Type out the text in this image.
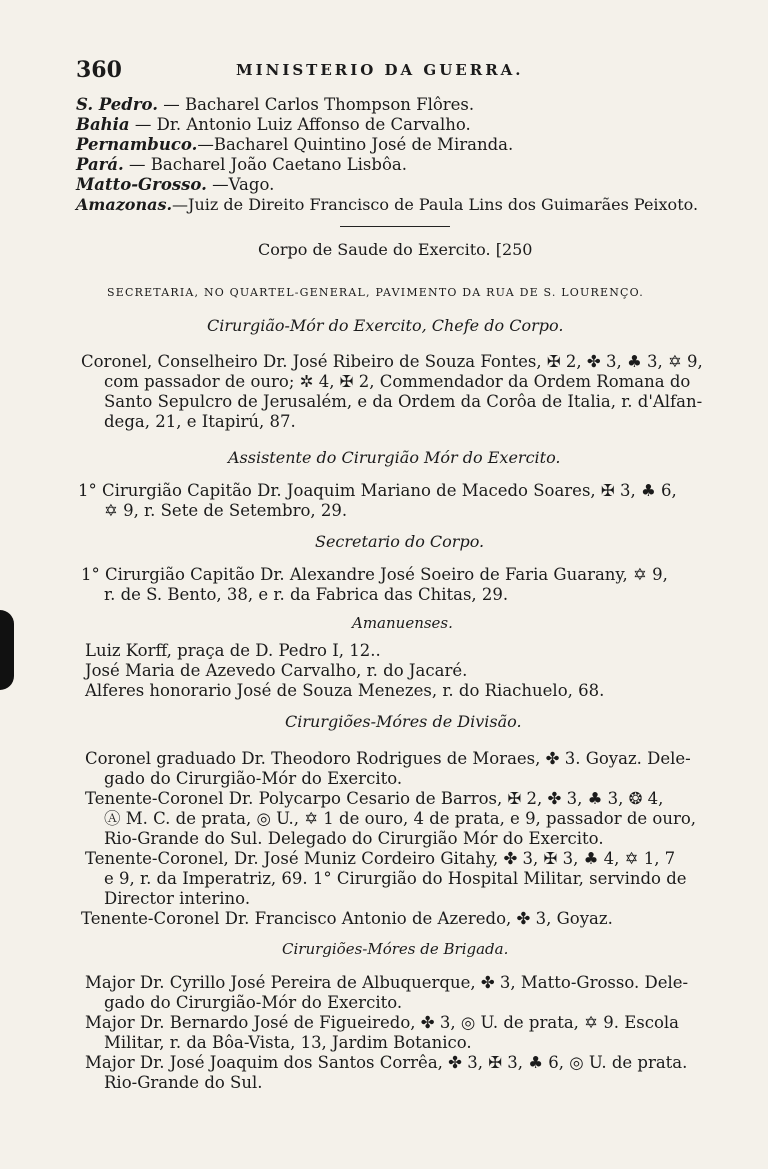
360	MINISTERIO DA GUERRA.
S. Pedro. — Bacharel Carlos Thompson Flôres.
Bahia — Dr. Antonio Luiz Affonso de Carvalho.
Pernambuco.—Bacharel Quintino José de Miranda.
Pará. — Bacharel João Caetano Lisbôa.
Matto-Grosso. —Vago.
Amazonas.—Juiz de Direito Francisco de Paula Lins dos Guimarães Peixoto.
Corpo de Saude do Exercito. [250
SECRETARIA, NO QUARTEL-GENERAL, PAVIMENTO DA RUA DE S. LOURENÇO.
Cirurgião-Mór do Exercito, Chefe do Corpo.
Coronel, Conselheiro Dr. José Ribeiro de Souza Fontes, ✠ 2, ✤ 3, ♣ 3, ✡ 9,
com passador de ouro; ✲ 4, ✠ 2, Commendador da Ordem Romana do
Santo Sepulcro de Jerusalém, e da Ordem da Corôa de Italia, r. d'Alfan-
dega, 21, e Itapirú, 87.
Assistente do Cirurgião Mór do Exercito.
1° Cirurgião Capitão Dr. Joaquim Mariano de Macedo Soares, ✠ 3, ♣ 6,
✡ 9, r. Sete de Setembro, 29.
Secretario do Corpo.
1° Cirurgião Capitão Dr. Alexandre José Soeiro de Faria Guarany, ✡ 9,
r. de S. Bento, 38, e r. da Fabrica das Chitas, 29.
Amanuenses.
Luiz Korff, praça de D. Pedro I, 12..
José Maria de Azevedo Carvalho, r. do Jacaré.
Alferes honorario José de Souza Menezes, r. do Riachuelo, 68.
Cirurgiões-Móres de Divisão.
Coronel graduado Dr. Theodoro Rodrigues de Moraes, ✤ 3. Goyaz. Dele-
gado do Cirurgião-Mór do Exercito.
Tenente-Coronel Dr. Polycarpo Cesario de Barros, ✠ 2, ✤ 3, ♣ 3, ❂ 4,
Ⓐ M. C. de prata, ◎ U., ✡ 1 de ouro, 4 de prata, e 9, passador de ouro,
Rio-Grande do Sul. Delegado do Cirurgião Mór do Exercito.
Tenente-Coronel, Dr. José Muniz Cordeiro Gitahy, ✤ 3, ✠ 3, ♣ 4, ✡ 1, 7
e 9, r. da Imperatriz, 69. 1° Cirurgião do Hospital Militar, servindo de
Director interino.
Tenente-Coronel Dr. Francisco Antonio de Azeredo, ✤ 3, Goyaz.
Cirurgiões-Móres de Brigada.
Major Dr. Cyrillo José Pereira de Albuquerque, ✤ 3, Matto-Grosso. Dele-
gado do Cirurgião-Mór do Exercito.
Major Dr. Bernardo José de Figueiredo, ✤ 3, ◎ U. de prata, ✡ 9. Escola
Militar, r. da Bôa-Vista, 13, Jardim Botanico.
Major Dr. José Joaquim dos Santos Corrêa, ✤ 3, ✠ 3, ♣ 6, ◎ U. de prata.
Rio-Grande do Sul.
